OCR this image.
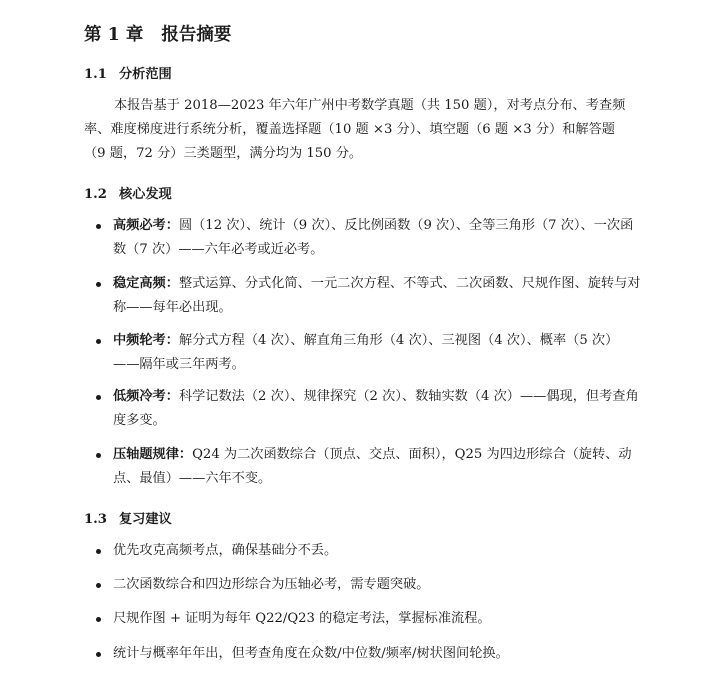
第 1 章 报告摘要
1.1 分析范围

本报告基于 2018—2023 年六年广州中考数学真题（共 150 题），对考点分布、考查频率、难度梯度进行系统分析，覆盖选择题（10 题 ×3 分）、填空题（6 题 ×3 分）和解答题（9 题，72 分）三类题型，满分均为 150 分。

1.2 核心发现
高频必考：圆（12 次）、统计（9 次）、反比例函数（9 次）、全等三角形（7 次）、一次函数（7 次）——六年必考或近必考。
稳定高频：整式运算、分式化简、一元二次方程、不等式、二次函数、尺规作图、旋转与对称——每年必出现。
中频轮考：解分式方程（4 次）、解直角三角形（4 次）、三视图（4 次）、概率（5 次）——隔年或三年两考。
低频冷考：科学记数法（2 次）、规律探究（2 次）、数轴实数（4 次）——偶现，但考查角度多变。
压轴题规律：Q24 为二次函数综合（顶点、交点、面积），Q25 为四边形综合（旋转、动点、最值）——六年不变。
1.3 复习建议
优先攻克高频考点，确保基础分不丢。
二次函数综合和四边形综合为压轴必考，需专题突破。
尺规作图 + 证明为每年 Q22/Q23 的稳定考法，掌握标准流程。
统计与概率年年出，但考查角度在众数/中位数/频率/树状图间轮换。
